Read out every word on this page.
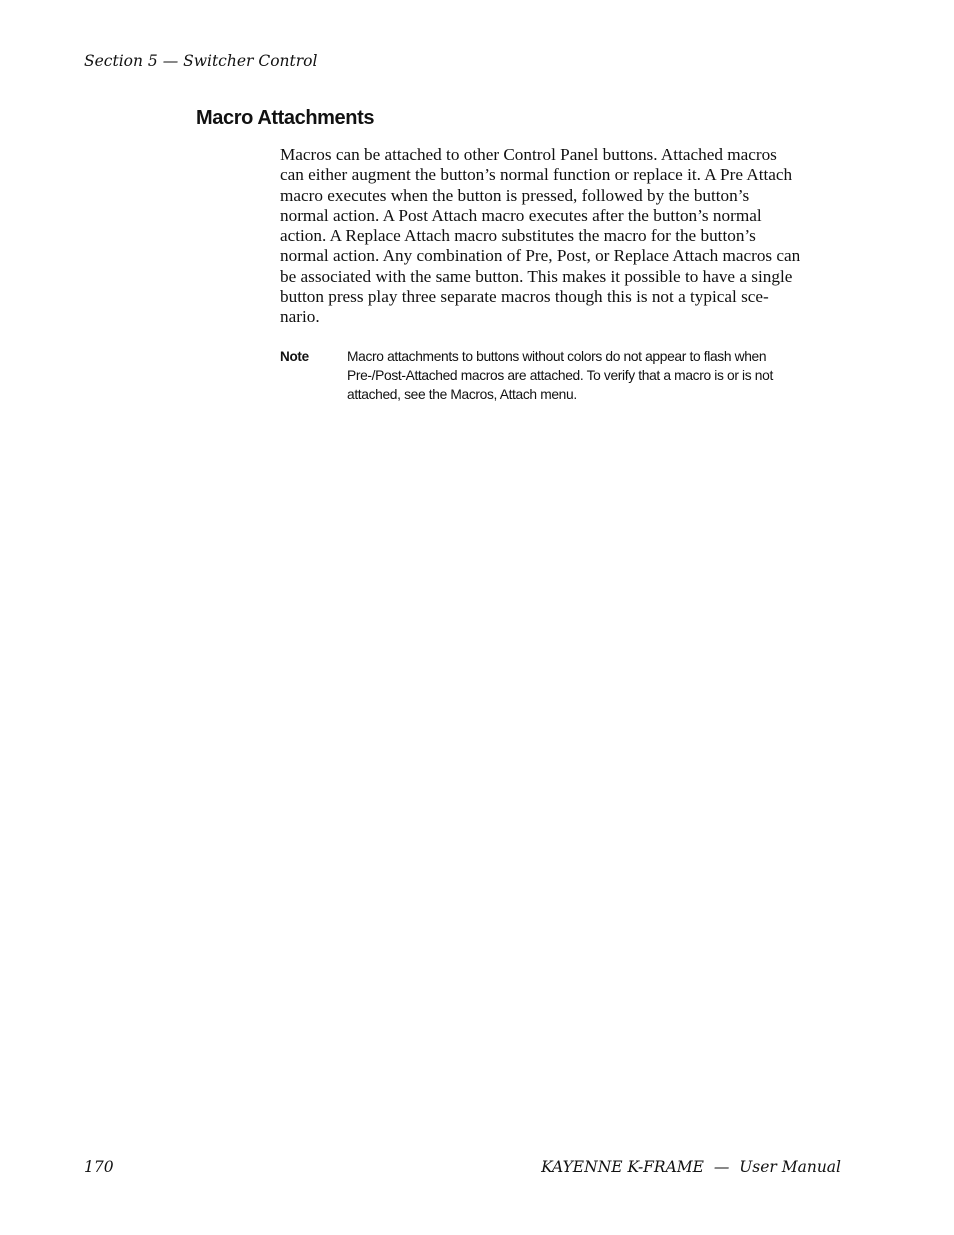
Section 5 — Switcher Control
Macro Attachments

Macros can be attached to other Control Panel buttons. Attached macros
can either augment the button’s normal function or replace it. A Pre Attach
macro executes when the button is pressed, followed by the button’s
normal action. A Post Attach macro executes after the button’s normal
action. A Replace Attach macro substitutes the macro for the button’s
normal action. Any combination of Pre, Post, or Replace Attach macros can
be associated with the same button. This makes it possible to have a single
button press play three separate macros though this is not a typical sce-
nario.

Note	Macro attachments to buttons without colors do not appear to flash when
Pre-/Post-Attached macros are attached. To verify that a macro is or is not
attached, see the Macros, Attach menu.

170	KAYENNE K-FRAME  —  User Manual
